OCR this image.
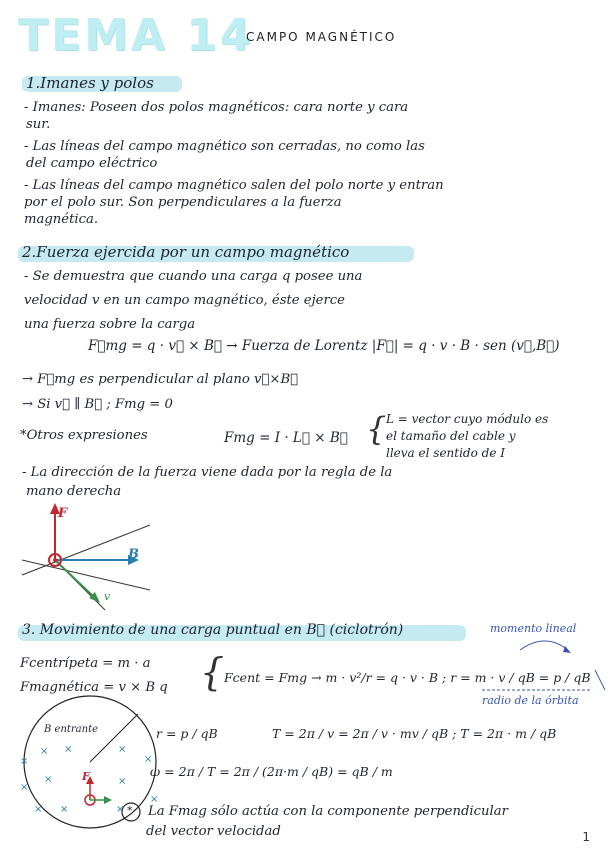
TEMA 14
CAMPO MAGNÉTICO
1.Imanes y polos
- Imanes: Poseen dos polos magnéticos: cara norte y cara
sur.
- Las líneas del campo magnético son cerradas, no como las
del campo eléctrico
- Las líneas del campo magnético salen del polo norte y entran
por el polo sur. Son perpendiculares a la fuerza
magnética.
2.Fuerza ejercida por un campo magnético
- Se demuestra que cuando una carga q posee una
velocidad v en un campo magnético, éste ejerce
una fuerza sobre la carga
F⃗mg = q · v⃗ × B⃗ → Fuerza de Lorentz |F⃗| = q · v · B · sen (v⃗,B⃗)
→ F⃗mg es perpendicular al plano v⃗×B⃗
→ Si v⃗ ∥ B⃗ ; Fmg = 0
*Otros expresiones	Fmg = I · L⃗ × B⃗ { L = vector cuyo módulo es
el tamaño del cable y
lleva el sentido de I
- La dirección de la fuerza viene dada por la regla de la
mano derecha
F
B
v
3. Movimiento de una carga puntual en B⃗ (ciclotrón)	momento lineal
radio de la órbita
Fcentrípeta = m · a
Fmagnética = v × B q { Fcent = Fmg → m · v²/r = q · v · B ; r = m · v / qB = p / qB
× ×	×
×
×	×
× ×	×
×
×
×
B entrante
F
*
r = p / qB	T = 2π / v = 2π / v · mv / qB ; T = 2π · m / qB
ω = 2π / T = 2π / (2π·m / qB) = qB / m
La Fmag sólo actúa con la componente perpendicular
del vector velocidad	1
